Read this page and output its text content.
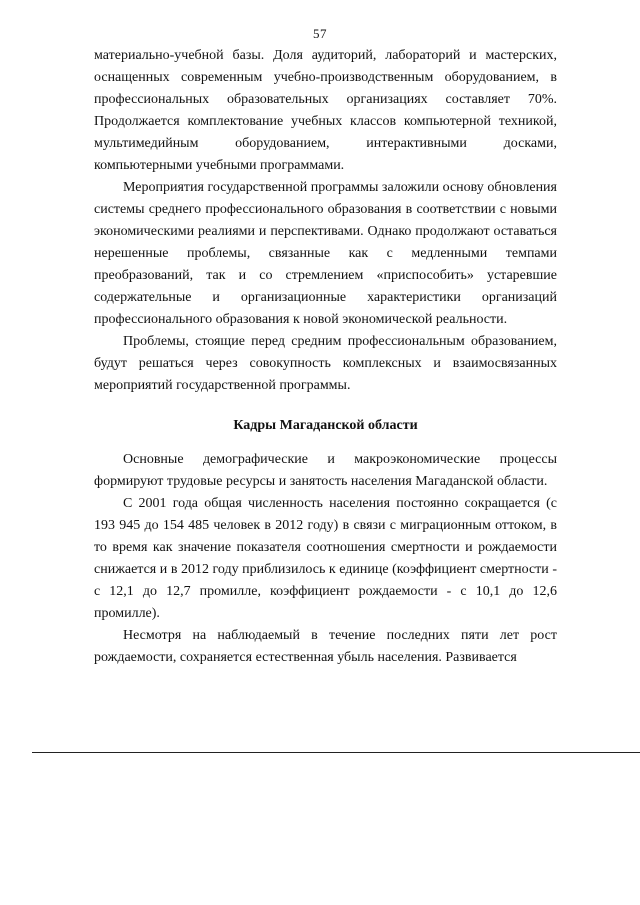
57

материально-учебной базы. Доля аудиторий, лабораторий и мастерских, оснащенных современным учебно-производственным оборудованием, в профессиональных образовательных организациях составляет 70%. Продолжается комплектование учебных классов компьютерной техникой, мультимедийным оборудованием, интерактивными досками, компьютерными учебными программами.

Мероприятия государственной программы заложили основу обновления системы среднего профессионального образования в соответствии с новыми экономическими реалиями и перспективами. Однако продолжают оставаться нерешенные проблемы, связанные как с медленными темпами преобразований, так и со стремлением «приспособить» устаревшие содержательные и организационные характеристики организаций профессионального образования к новой экономической реальности.

Проблемы, стоящие перед средним профессиональным образованием, будут решаться через совокупность комплексных и взаимосвязанных мероприятий государственной программы.

Кадры Магаданской области

Основные демографические и макроэкономические процессы формируют трудовые ресурсы и занятость населения Магаданской области.

С 2001 года общая численность населения постоянно сокращается (с 193 945 до 154 485 человек в 2012 году) в связи с миграционным оттоком, в то время как значение показателя соотношения смертности и рождаемости снижается и в 2012 году приблизилось к единице (коэффициент смертности - с 12,1 до 12,7 промилле, коэффициент рождаемости - с 10,1 до 12,6 промилле).

Несмотря на наблюдаемый в течение последних пяти лет рост рождаемости, сохраняется естественная убыль населения. Развивается
